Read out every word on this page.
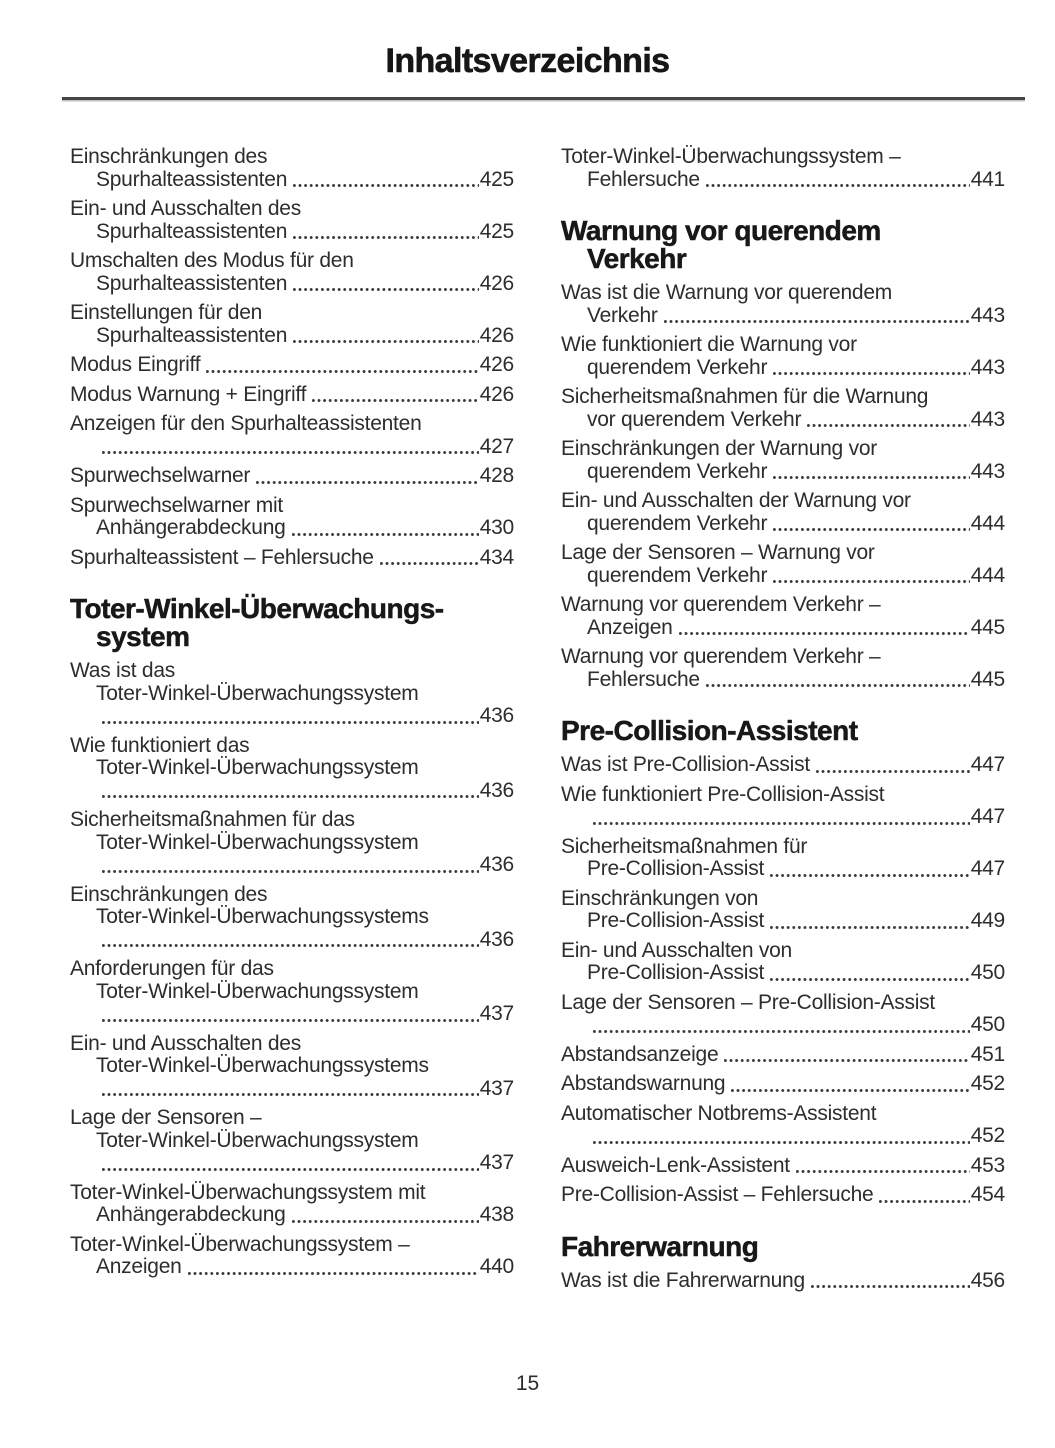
Inhaltsverzeichnis
Einschränkungen des
Spurhalteassistenten	425
Ein- und Ausschalten des
Spurhalteassistenten	425
Umschalten des Modus für den
Spurhalteassistenten	426
Einstellungen für den
Spurhalteassistenten	426
Modus Eingriff	426
Modus Warnung + Eingriff	426
Anzeigen für den Spurhalteassistenten
427
Spurwechselwarner	428
Spurwechselwarner mit
Anhängerabdeckung	430
Spurhalteassistent – Fehlersuche	434
Toter-Winkel-Überwachungs-
system
Was ist das
Toter-Winkel-Überwachungssystem
436
Wie funktioniert das
Toter-Winkel-Überwachungssystem
436
Sicherheitsmaßnahmen für das
Toter-Winkel-Überwachungssystem
436
Einschränkungen des
Toter-Winkel-Überwachungssystems
436
Anforderungen für das
Toter-Winkel-Überwachungssystem
437
Ein- und Ausschalten des
Toter-Winkel-Überwachungssystems
437
Lage der Sensoren –
Toter-Winkel-Überwachungssystem
437
Toter-Winkel-Überwachungssystem mit
Anhängerabdeckung	438
Toter-Winkel-Überwachungssystem –
Anzeigen	440
Toter-Winkel-Überwachungssystem –
Fehlersuche	441
Warnung vor querendem
Verkehr
Was ist die Warnung vor querendem
Verkehr	443
Wie funktioniert die Warnung vor
querendem Verkehr	443
Sicherheitsmaßnahmen für die Warnung
vor querendem Verkehr	443
Einschränkungen der Warnung vor
querendem Verkehr	443
Ein- und Ausschalten der Warnung vor
querendem Verkehr	444
Lage der Sensoren – Warnung vor
querendem Verkehr	444
Warnung vor querendem Verkehr –
Anzeigen	445
Warnung vor querendem Verkehr –
Fehlersuche	445
Pre-Collision-Assistent
Was ist Pre-Collision-Assist	447
Wie funktioniert Pre-Collision-Assist
447
Sicherheitsmaßnahmen für
Pre-Collision-Assist	447
Einschränkungen von
Pre-Collision-Assist	449
Ein- und Ausschalten von
Pre-Collision-Assist	450
Lage der Sensoren – Pre-Collision-Assist
450
Abstandsanzeige	451
Abstandswarnung	452
Automatischer Notbrems-Assistent
452
Ausweich-Lenk-Assistent	453
Pre-Collision-Assist – Fehlersuche	454
Fahrerwarnung
Was ist die Fahrerwarnung	456
15
